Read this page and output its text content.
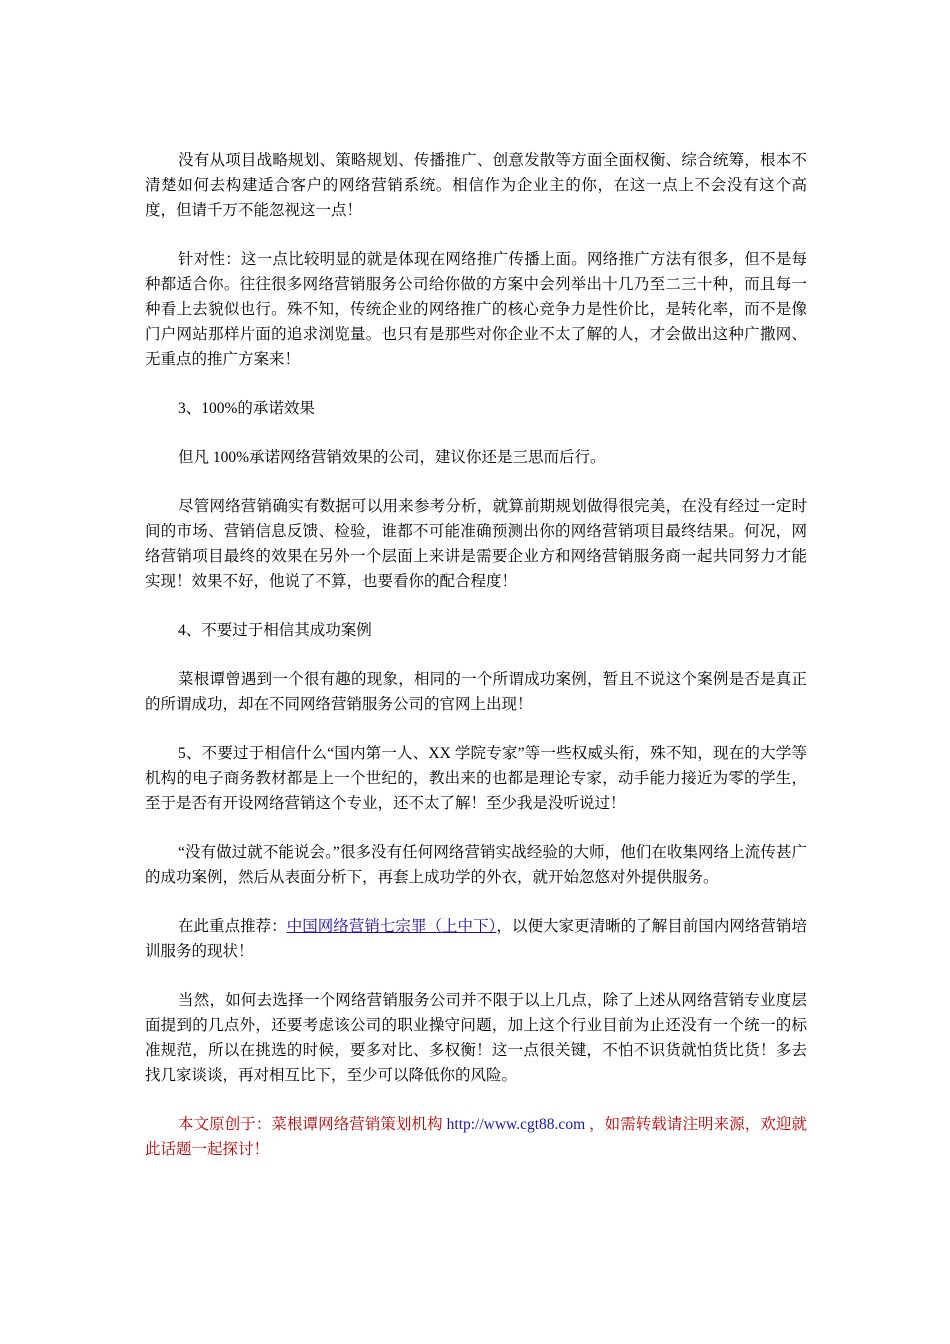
没有从项目战略规划、策略规划、传播推广、创意发散等方面全面权衡、综合统筹，根本不清楚如何去构建适合客户的网络营销系统。相信作为企业主的你，在这一点上不会没有这个高度，但请千万不能忽视这一点！

针对性：这一点比较明显的就是体现在网络推广传播上面。网络推广方法有很多，但不是每种都适合你。往往很多网络营销服务公司给你做的方案中会列举出十几乃至二三十种，而且每一种看上去貌似也行。殊不知，传统企业的网络推广的核心竞争力是性价比，是转化率，而不是像门户网站那样片面的追求浏览量。也只有是那些对你企业不太了解的人，才会做出这种广撒网、无重点的推广方案来！

3、100%的承诺效果

但凡 100%承诺网络营销效果的公司，建议你还是三思而后行。

尽管网络营销确实有数据可以用来参考分析，就算前期规划做得很完美，在没有经过一定时间的市场、营销信息反馈、检验，谁都不可能准确预测出你的网络营销项目最终结果。何况，网络营销项目最终的效果在另外一个层面上来讲是需要企业方和网络营销服务商一起共同努力才能实现！效果不好，他说了不算，也要看你的配合程度！

4、不要过于相信其成功案例

菜根谭曾遇到一个很有趣的现象，相同的一个所谓成功案例，暂且不说这个案例是否是真正的所谓成功，却在不同网络营销服务公司的官网上出现！

5、不要过于相信什么“国内第一人、XX 学院专家”等一些权威头衔，殊不知，现在的大学等机构的电子商务教材都是上一个世纪的，教出来的也都是理论专家，动手能力接近为零的学生，至于是否有开设网络营销这个专业，还不太了解！至少我是没听说过！

“没有做过就不能说会。”很多没有任何网络营销实战经验的大师，他们在收集网络上流传甚广的成功案例，然后从表面分析下，再套上成功学的外衣，就开始忽悠对外提供服务。

在此重点推荐：中国网络营销七宗罪（上中下），以便大家更清晰的了解目前国内网络营销培训服务的现状！

当然，如何去选择一个网络营销服务公司并不限于以上几点，除了上述从网络营销专业度层面提到的几点外，还要考虑该公司的职业操守问题，加上这个行业目前为止还没有一个统一的标准规范，所以在挑选的时候，要多对比、多权衡！这一点很关键，不怕不识货就怕货比货！多去找几家谈谈，再对相互比下，至少可以降低你的风险。

本文原创于：菜根谭网络营销策划机构 http://www.cgt88.com ，如需转载请注明来源，欢迎就此话题一起探讨！
